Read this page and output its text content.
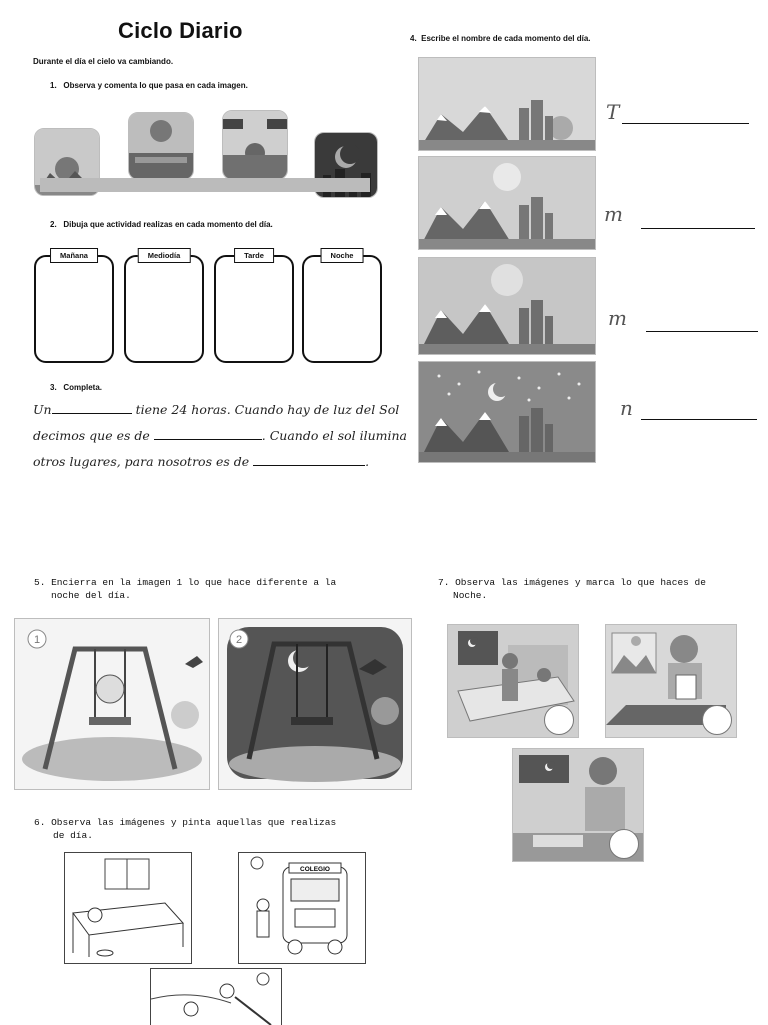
Ciclo Diario
Durante el día el cielo va cambiando.
1. Observa y comenta lo que pasa en cada imagen.
2. Dibuja que actividad realizas en cada momento del día.
Mañana	Mediodía	Tarde	Noche
3. Completa.
Un	tiene 24 horas. Cuando hay de luz del Sol
decimos que es de	. Cuando el sol ilumina
otros lugares, para nosotros es de	.
4. Escribe el nombre de cada momento del día.
T
m
m
n
5. Encierra en la imagen 1 lo que hace diferente a la
noche del día.
1	2
6. Observa las imágenes y pinta aquellas que realizas
de día.
COLEGIO
7. Observa las imágenes y marca lo que haces de
Noche.
